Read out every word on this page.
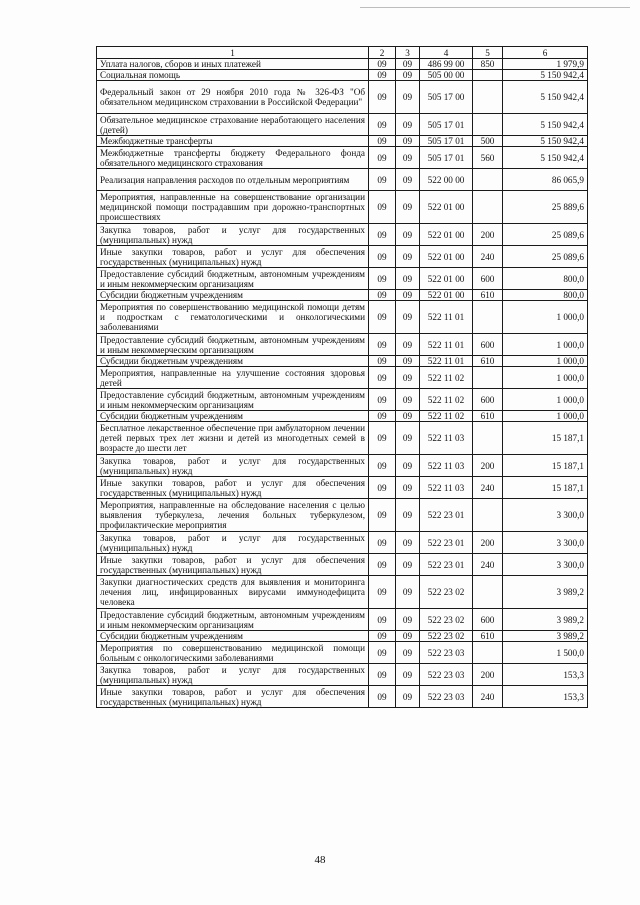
1	2	3	4	5	6
Уплата налогов, сборов и иных платежей	09	09	486 99 00	850	1 979,9
Социальная помощь	09	09	505 00 00		5 150 942,4
Федеральный закон от 29 ноября 2010 года № 326-ФЗ "Об обязательном медицинском страховании в Российской Федерации"	09	09	505 17 00		5 150 942,4
Обязательное медицинское страхование неработающего населения (детей)	09	09	505 17 01		5 150 942,4
Межбюджетные трансферты	09	09	505 17 01	500	5 150 942,4
Межбюджетные трансферты бюджету Федерального фонда обязательного медицинского страхования	09	09	505 17 01	560	5 150 942,4
Реализация направления расходов по отдельным мероприятиям	09	09	522 00 00		86 065,9
Мероприятия, направленные на совершенствование организации медицинской помощи пострадавшим при дорожно-транспортных происшествиях	09	09	522 01 00		25 889,6
Закупка товаров, работ и услуг для государственных (муниципальных) нужд	09	09	522 01 00	200	25 089,6
Иные закупки товаров, работ и услуг для обеспечения государственных (муниципальных) нужд	09	09	522 01 00	240	25 089,6
Предоставление субсидий бюджетным, автономным учреждениям и иным некоммерческим организациям	09	09	522 01 00	600	800,0
Субсидии бюджетным учреждениям	09	09	522 01 00	610	800,0
Мероприятия по совершенствованию медицинской помощи детям и подросткам с гематологическими и онкологическими заболеваниями	09	09	522 11 01		1 000,0
Предоставление субсидий бюджетным, автономным учреждениям и иным некоммерческим организациям	09	09	522 11 01	600	1 000,0
Субсидии бюджетным учреждениям	09	09	522 11 01	610	1 000,0
Мероприятия, направленные на улучшение состояния здоровья детей	09	09	522 11 02		1 000,0
Предоставление субсидий бюджетным, автономным учреждениям и иным некоммерческим организациям	09	09	522 11 02	600	1 000,0
Субсидии бюджетным учреждениям	09	09	522 11 02	610	1 000,0
Бесплатное лекарственное обеспечение при амбулаторном лечении детей первых трех лет жизни и детей из многодетных семей в возрасте до шести лет	09	09	522 11 03		15 187,1
Закупка товаров, работ и услуг для государственных (муниципальных) нужд	09	09	522 11 03	200	15 187,1
Иные закупки товаров, работ и услуг для обеспечения государственных (муниципальных) нужд	09	09	522 11 03	240	15 187,1
Мероприятия, направленные на обследование населения с целью выявления туберкулеза, лечения больных туберкулезом, профилактические мероприятия	09	09	522 23 01		3 300,0
Закупка товаров, работ и услуг для государственных (муниципальных) нужд	09	09	522 23 01	200	3 300,0
Иные закупки товаров, работ и услуг для обеспечения государственных (муниципальных) нужд	09	09	522 23 01	240	3 300,0
Закупки диагностических средств для выявления и мониторинга лечения лиц, инфицированных вирусами иммунодефицита человека	09	09	522 23 02		3 989,2
Предоставление субсидий бюджетным, автономным учреждениям и иным некоммерческим организациям	09	09	522 23 02	600	3 989,2
Субсидии бюджетным учреждениям	09	09	522 23 02	610	3 989,2
Мероприятия по совершенствованию медицинской помощи больным с онкологическими заболеваниями	09	09	522 23 03		1 500,0
Закупка товаров, работ и услуг для государственных (муниципальных) нужд	09	09	522 23 03	200	153,3
Иные закупки товаров, работ и услуг для обеспечения государственных (муниципальных) нужд	09	09	522 23 03	240	153,3
48
